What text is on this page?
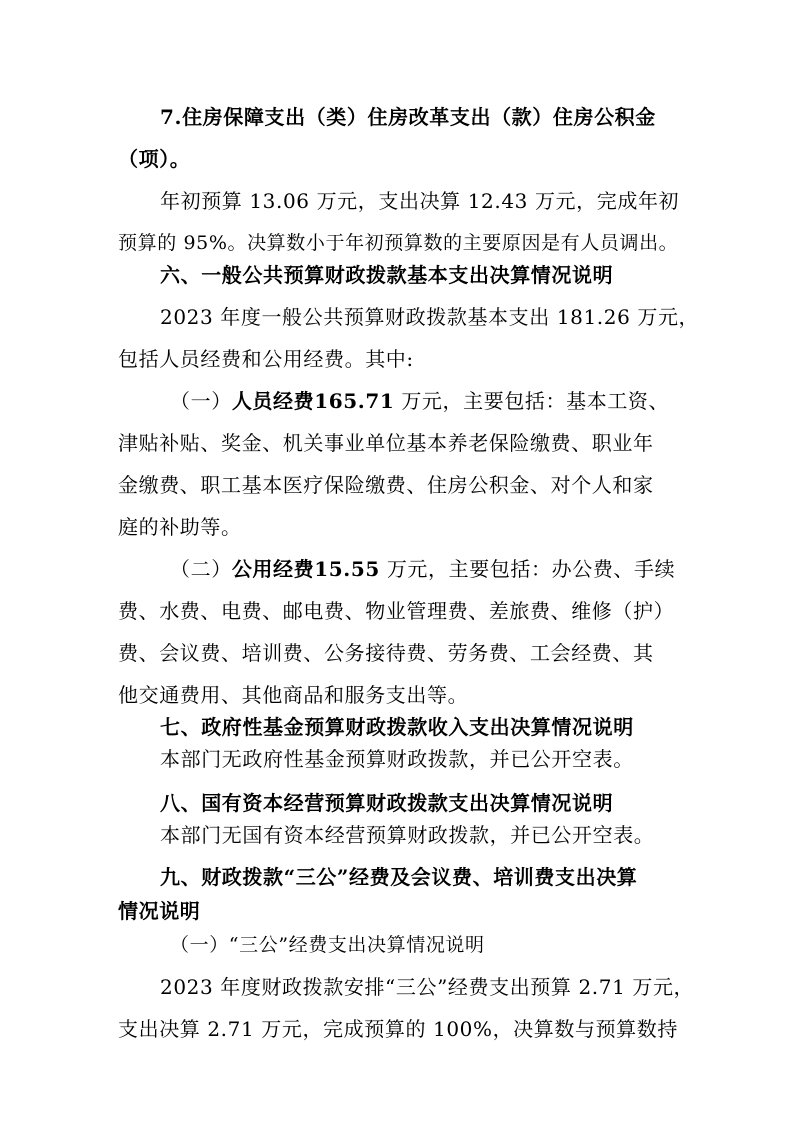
7.住房保障支出（类）住房改革支出（款）住房公积金
（项）。
年初预算 13.06 万元，支出决算 12.43 万元，完成年初
预算的 95%。决算数小于年初预算数的主要原因是有人员调出。
六、一般公共预算财政拨款基本支出决算情况说明
2023 年度一般公共预算财政拨款基本支出 181.26 万元，
包括人员经费和公用经费。其中:
（一）人员经费165.71 万元，主要包括：基本工资、
津贴补贴、奖金、机关事业单位基本养老保险缴费、职业年
金缴费、职工基本医疗保险缴费、住房公积金、对个人和家
庭的补助等。
（二）公用经费15.55 万元，主要包括：办公费、手续
费、水费、电费、邮电费、物业管理费、差旅费、维修（护）
费、会议费、培训费、公务接待费、劳务费、工会经费、其
他交通费用、其他商品和服务支出等。
七、政府性基金预算财政拨款收入支出决算情况说明
本部门无政府性基金预算财政拨款，并已公开空表。
八、国有资本经营预算财政拨款支出决算情况说明
本部门无国有资本经营预算财政拨款，并已公开空表。
九、财政拨款“三公”经费及会议费、培训费支出决算
情况说明
（一）“三公”经费支出决算情况说明
2023 年度财政拨款安排“三公”经费支出预算 2.71 万元，
支出决算 2.71 万元，完成预算的 100%，决算数与预算数持
